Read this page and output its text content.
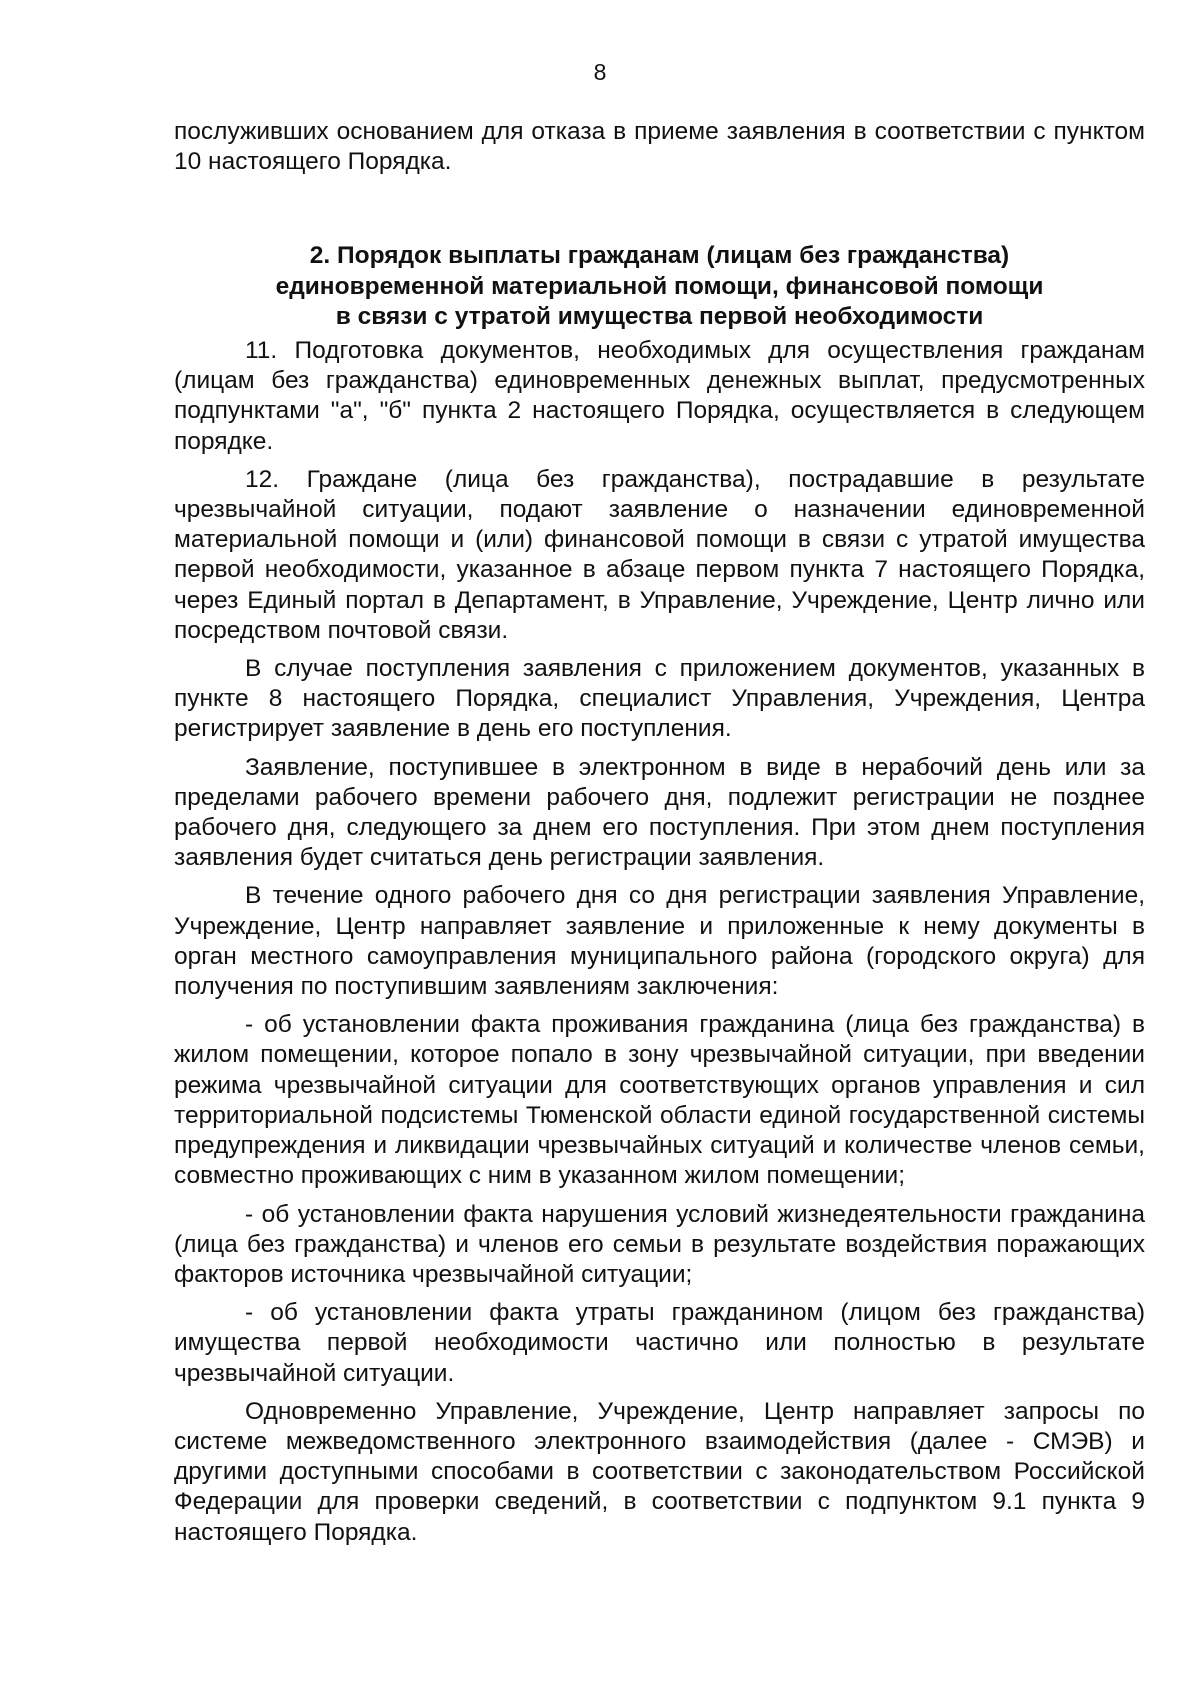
8

послуживших основанием для отказа в приеме заявления в соответствии с пунктом 10 настоящего Порядка.

2. Порядок выплаты гражданам (лицам без гражданства)
единовременной материальной помощи, финансовой помощи
в связи с утратой имущества первой необходимости

11. Подготовка документов, необходимых для осуществления гражданам (лицам без гражданства) единовременных денежных выплат, предусмотренных подпунктами "а", "б" пункта 2 настоящего Порядка, осуществляется в следующем порядке.

12. Граждане (лица без гражданства), пострадавшие в результате чрезвычайной ситуации, подают заявление о назначении единовременной материальной помощи и (или) финансовой помощи в связи с утратой имущества первой необходимости, указанное в абзаце первом пункта 7 настоящего Порядка, через Единый портал в Департамент, в Управление, Учреждение, Центр лично или посредством почтовой связи.

В случае поступления заявления с приложением документов, указанных в пункте 8 настоящего Порядка, специалист Управления, Учреждения, Центра регистрирует заявление в день его поступления.

Заявление, поступившее в электронном в виде в нерабочий день или за пределами рабочего времени рабочего дня, подлежит регистрации не позднее рабочего дня, следующего за днем его поступления. При этом днем поступления заявления будет считаться день регистрации заявления.

В течение одного рабочего дня со дня регистрации заявления Управление, Учреждение, Центр направляет заявление и приложенные к нему документы в орган местного самоуправления муниципального района (городского округа) для получения по поступившим заявлениям заключения:

- об установлении факта проживания гражданина (лица без гражданства) в жилом помещении, которое попало в зону чрезвычайной ситуации, при введении режима чрезвычайной ситуации для соответствующих органов управления и сил территориальной подсистемы Тюменской области единой государственной системы предупреждения и ликвидации чрезвычайных ситуаций и количестве членов семьи, совместно проживающих с ним в указанном жилом помещении;

- об установлении факта нарушения условий жизнедеятельности гражданина (лица без гражданства) и членов его семьи в результате воздействия поражающих факторов источника чрезвычайной ситуации;

- об установлении факта утраты гражданином (лицом без гражданства) имущества первой необходимости частично или полностью в результате чрезвычайной ситуации.

Одновременно Управление, Учреждение, Центр направляет запросы по системе межведомственного электронного взаимодействия (далее - СМЭВ) и другими доступными способами в соответствии с законодательством Российской Федерации для проверки сведений, в соответствии с подпунктом 9.1 пункта 9 настоящего Порядка.
